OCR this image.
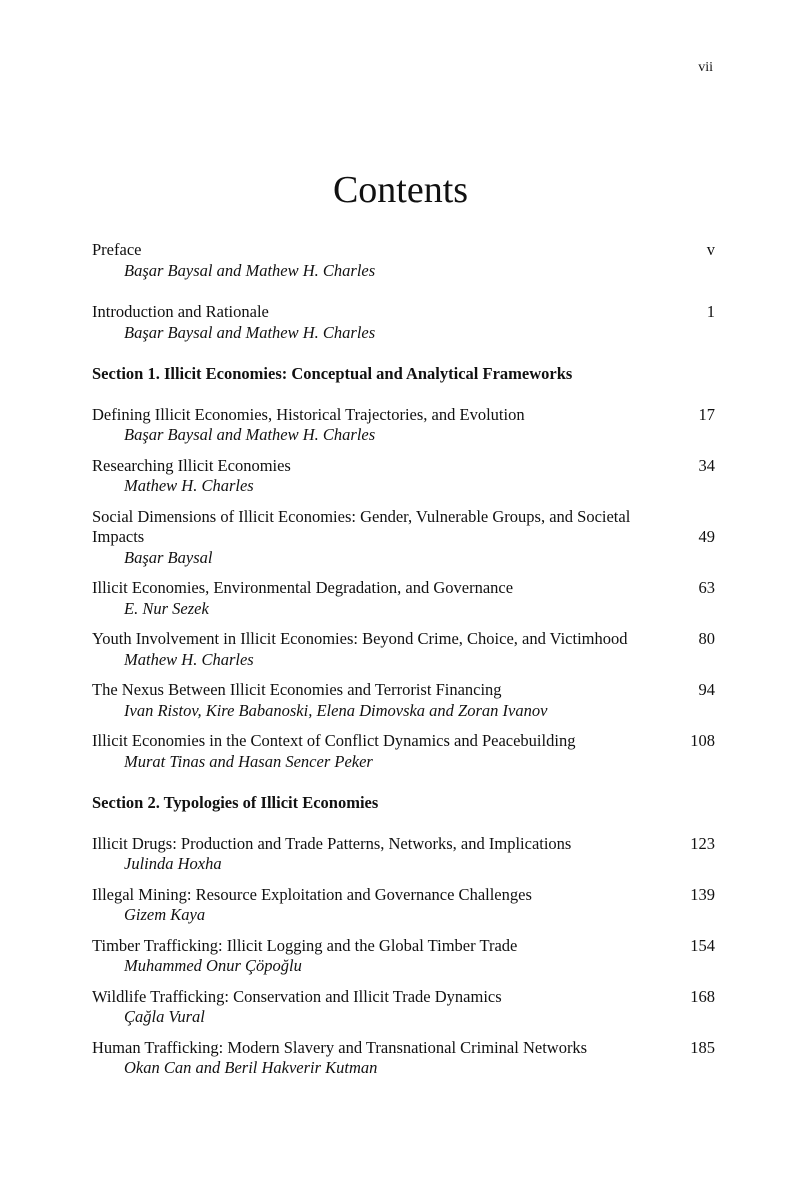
vii
Contents
Preface	v
Başar Baysal and Mathew H. Charles
Introduction and Rationale	1
Başar Baysal and Mathew H. Charles
Section 1. Illicit Economies: Conceptual and Analytical Frameworks
Defining Illicit Economies, Historical Trajectories, and Evolution	17
Başar Baysal and Mathew H. Charles
Researching Illicit Economies	34
Mathew H. Charles
Social Dimensions of Illicit Economies: Gender, Vulnerable Groups, and Societal Impacts	49
Başar Baysal
Illicit Economies, Environmental Degradation, and Governance	63
E. Nur Sezek
Youth Involvement in Illicit Economies: Beyond Crime, Choice, and Victimhood	80
Mathew H. Charles
The Nexus Between Illicit Economies and Terrorist Financing	94
Ivan Ristov, Kire Babanoski, Elena Dimovska and Zoran Ivanov
Illicit Economies in the Context of Conflict Dynamics and Peacebuilding	108
Murat Tinas and Hasan Sencer Peker
Section 2. Typologies of Illicit Economies
Illicit Drugs: Production and Trade Patterns, Networks, and Implications	123
Julinda Hoxha
Illegal Mining: Resource Exploitation and Governance Challenges	139
Gizem Kaya
Timber Trafficking: Illicit Logging and the Global Timber Trade	154
Muhammed Onur Çöpoğlu
Wildlife Trafficking: Conservation and Illicit Trade Dynamics	168
Çağla Vural
Human Trafficking: Modern Slavery and Transnational Criminal Networks	185
Okan Can and Beril Hakverir Kutman
